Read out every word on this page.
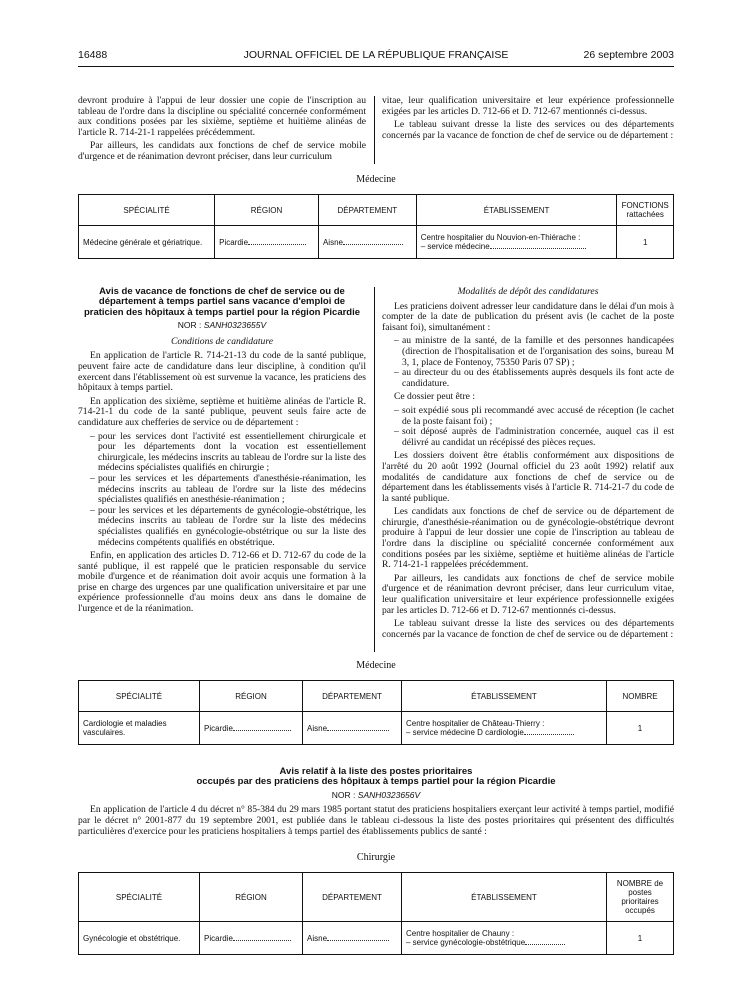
16488	JOURNAL OFFICIEL DE LA RÉPUBLIQUE FRANÇAISE	26 septembre 2003

devront produire à l'appui de leur dossier une copie de l'inscription au tableau de l'ordre dans la discipline ou spécialité concernée conformément aux conditions posées par les sixième, septième et huitième alinéas de l'article R. 714-21-1 rappelées précédemment.

Par ailleurs, les candidats aux fonctions de chef de service mobile d'urgence et de réanimation devront préciser, dans leur curriculum

vitae, leur qualification universitaire et leur expérience professionnelle exigées par les articles D. 712-66 et D. 712-67 mentionnés ci-dessus.

Le tableau suivant dresse la liste des services ou des départements concernés par la vacance de fonction de chef de service ou de département :

Médecine
SPÉCIALITÉ	RÉGION	DÉPARTEMENT	ÉTABLISSEMENT	FONCTIONS rattachées
Médecine générale et gériatrique.	Picardie	Aisne	Centre hospitalier du Nouvion-en-Thiérache :
– service médecine	1
Avis de vacance de fonctions de chef de service ou de département à temps partiel sans vacance d'emploi de praticien des hôpitaux à temps partiel pour la région Picardie
NOR : SANH0323655V
Conditions de candidature

En application de l'article R. 714-21-13 du code de la santé publique, peuvent faire acte de candidature dans leur discipline, à condition qu'il exercent dans l'établissement où est survenue la vacance, les praticiens des hôpitaux à temps partiel.

En application des sixième, septième et huitième alinéas de l'article R. 714-21-1 du code de la santé publique, peuvent seuls faire acte de candidature aux chefferies de service ou de département :

– pour les services dont l'activité est essentiellement chirurgicale et pour les départements dont la vocation est essentiellement chirurgicale, les médecins inscrits au tableau de l'ordre sur la liste des médecins spécialistes qualifiés en chirurgie ;
– pour les services et les départements d'anesthésie-réanimation, les médecins inscrits au tableau de l'ordre sur la liste des médecins spécialistes qualifiés en anesthésie-réanimation ;
– pour les services et les départements de gynécologie-obstétrique, les médecins inscrits au tableau de l'ordre sur la liste des médecins spécialistes qualifiés en gynécologie-obstétrique ou sur la liste des médecins compétents qualifiés en obstétrique.

Enfin, en application des articles D. 712-66 et D. 712-67 du code de la santé publique, il est rappelé que le praticien responsable du service mobile d'urgence et de réanimation doit avoir acquis une formation à la prise en charge des urgences par une qualification universitaire et par une expérience professionnelle d'au moins deux ans dans le domaine de l'urgence et de la réanimation.

Modalités de dépôt des candidatures

Les praticiens doivent adresser leur candidature dans le délai d'un mois à compter de la date de publication du présent avis (le cachet de la poste faisant foi), simultanément :

– au ministre de la santé, de la famille et des personnes handicapées (direction de l'hospitalisation et de l'organisation des soins, bureau M 3, 1, place de Fontenoy, 75350 Paris 07 SP) ;
– au directeur du ou des établissements auprès desquels ils font acte de candidature.

Ce dossier peut être :

– soit expédié sous pli recommandé avec accusé de réception (le cachet de la poste faisant foi) ;
– soit déposé auprès de l'administration concernée, auquel cas il est délivré au candidat un récépissé des pièces reçues.

Les dossiers doivent être établis conformément aux dispositions de l'arrêté du 20 août 1992 (Journal officiel du 23 août 1992) relatif aux modalités de candidature aux fonctions de chef de service ou de département dans les établissements visés à l'article R. 714-21-7 du code de la santé publique.

Les candidats aux fonctions de chef de service ou de département de chirurgie, d'anesthésie-réanimation ou de gynécologie-obstétrique devront produire à l'appui de leur dossier une copie de l'inscription au tableau de l'ordre dans la discipline ou spécialité concernée conformément aux conditions posées par les sixième, septième et huitième alinéas de l'article R. 714-21-1 rappelées précédemment.

Par ailleurs, les candidats aux fonctions de chef de service mobile d'urgence et de réanimation devront préciser, dans leur curriculum vitae, leur qualification universitaire et leur expérience professionnelle exigées par les articles D. 712-66 et D. 712-67 mentionnés ci-dessus.

Le tableau suivant dresse la liste des services ou des départements concernés par la vacance de fonction de chef de service ou de département :

Médecine
SPÉCIALITÉ	RÉGION	DÉPARTEMENT	ÉTABLISSEMENT	NOMBRE
Cardiologie et maladies vasculaires.	Picardie	Aisne	Centre hospitalier de Château-Thierry :
– service médecine D cardiologie	1
Avis relatif à la liste des postes prioritaires
occupés par des praticiens des hôpitaux à temps partiel pour la région Picardie
NOR : SANH0323656V

En application de l'article 4 du décret n° 85-384 du 29 mars 1985 portant statut des praticiens hospitaliers exerçant leur activité à temps partiel, modifié par le décret n° 2001-877 du 19 septembre 2001, est publiée dans le tableau ci-dessous la liste des postes prioritaires qui présentent des difficultés particulières d'exercice pour les praticiens hospitaliers à temps partiel des établissements publics de santé :

Chirurgie
SPÉCIALITÉ	RÉGION	DÉPARTEMENT	ÉTABLISSEMENT	NOMBRE de postes prioritaires occupés
Gynécologie et obstétrique.	Picardie	Aisne	Centre hospitalier de Chauny :
– service gynécologie-obstétrique	1
